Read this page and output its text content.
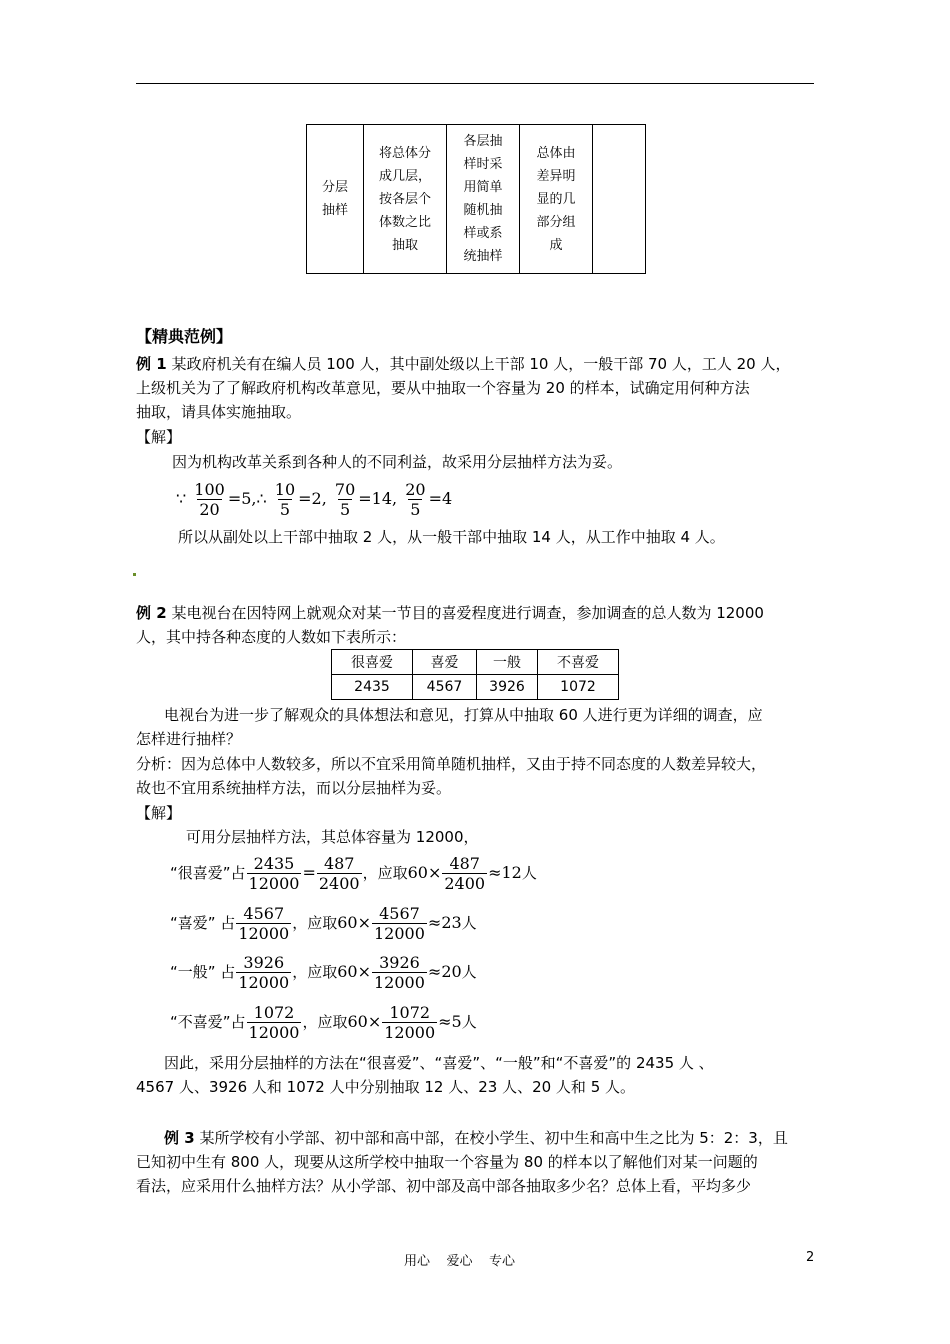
分层抽样	将总体分成几层，按各层个体数之比抽取	各层抽样时采用简单随机抽样或系统抽样	总体由差异明显的几部分组成	
【精典范例】
例 1 某政府机关有在编人员 100 人，其中副处级以上干部 10 人，一般干部 70 人，工人 20 人，
上级机关为了了解政府机构改革意见，要从中抽取一个容量为 20 的样本，试确定用何种方法
抽取，请具体实施抽取。
【解】
因为机构改革关系到各种人的不同利益，故采用分层抽样方法为妥。
∵ $\frac{100}{20}$ =5,∴ $\frac{10}{5} =2$, $\frac{70}{5} =14$, $\frac{20}{5} =4$
所以从副处以上干部中抽取 2 人，从一般干部中抽取 14 人，从工作中抽取 4 人。
例 2 某电视台在因特网上就观众对某一节目的喜爱程度进行调查，参加调查的总人数为 12000
人，其中持各种态度的人数如下表所示：
很喜爱	喜爱	一般	不喜爱
2435	4567	3926	1072
电视台为进一步了解观众的具体想法和意见，打算从中抽取 60 人进行更为详细的调查，应
怎样进行抽样？
分析：因为总体中人数较多，所以不宜采用简单随机抽样，又由于持不同态度的人数差异较大，
故也不宜用系统抽样方法，而以分层抽样为妥。
【解】
可用分层抽样方法，其总体容量为 12000，
“很喜爱”占 $\frac{2435}{12000} = \frac{487}{2400}$ ，应取$60\times \frac{487}{2400} \approx 12$人
“喜爱” 占 $\frac{4567}{12000}$ ，应取$60\times \frac{4567}{12000} \approx 23$人
“一般” 占 $\frac{3926}{12000}$ ，应取$60\times \frac{3926}{12000} \approx 20$人
“不喜爱”占 $\frac{1072}{12000}$ ，应取$60\times \frac{1072}{12000} \approx 5$人
因此，采用分层抽样的方法在“很喜爱”、“喜爱”、“一般”和“不喜爱”的 2435 人 、
4567 人、3926 人和 1072 人中分别抽取 12 人、23 人、20 人和 5 人。
例 3 某所学校有小学部、初中部和高中部，在校小学生、初中生和高中生之比为 5：2：3，且
已知初中生有 800 人，现要从这所学校中抽取一个容量为 80 的样本以了解他们对某一问题的
看法，应采用什么抽样方法？从小学部、初中部及高中部各抽取多少名？总体上看，平均多少
用心    爱心    专心	2
